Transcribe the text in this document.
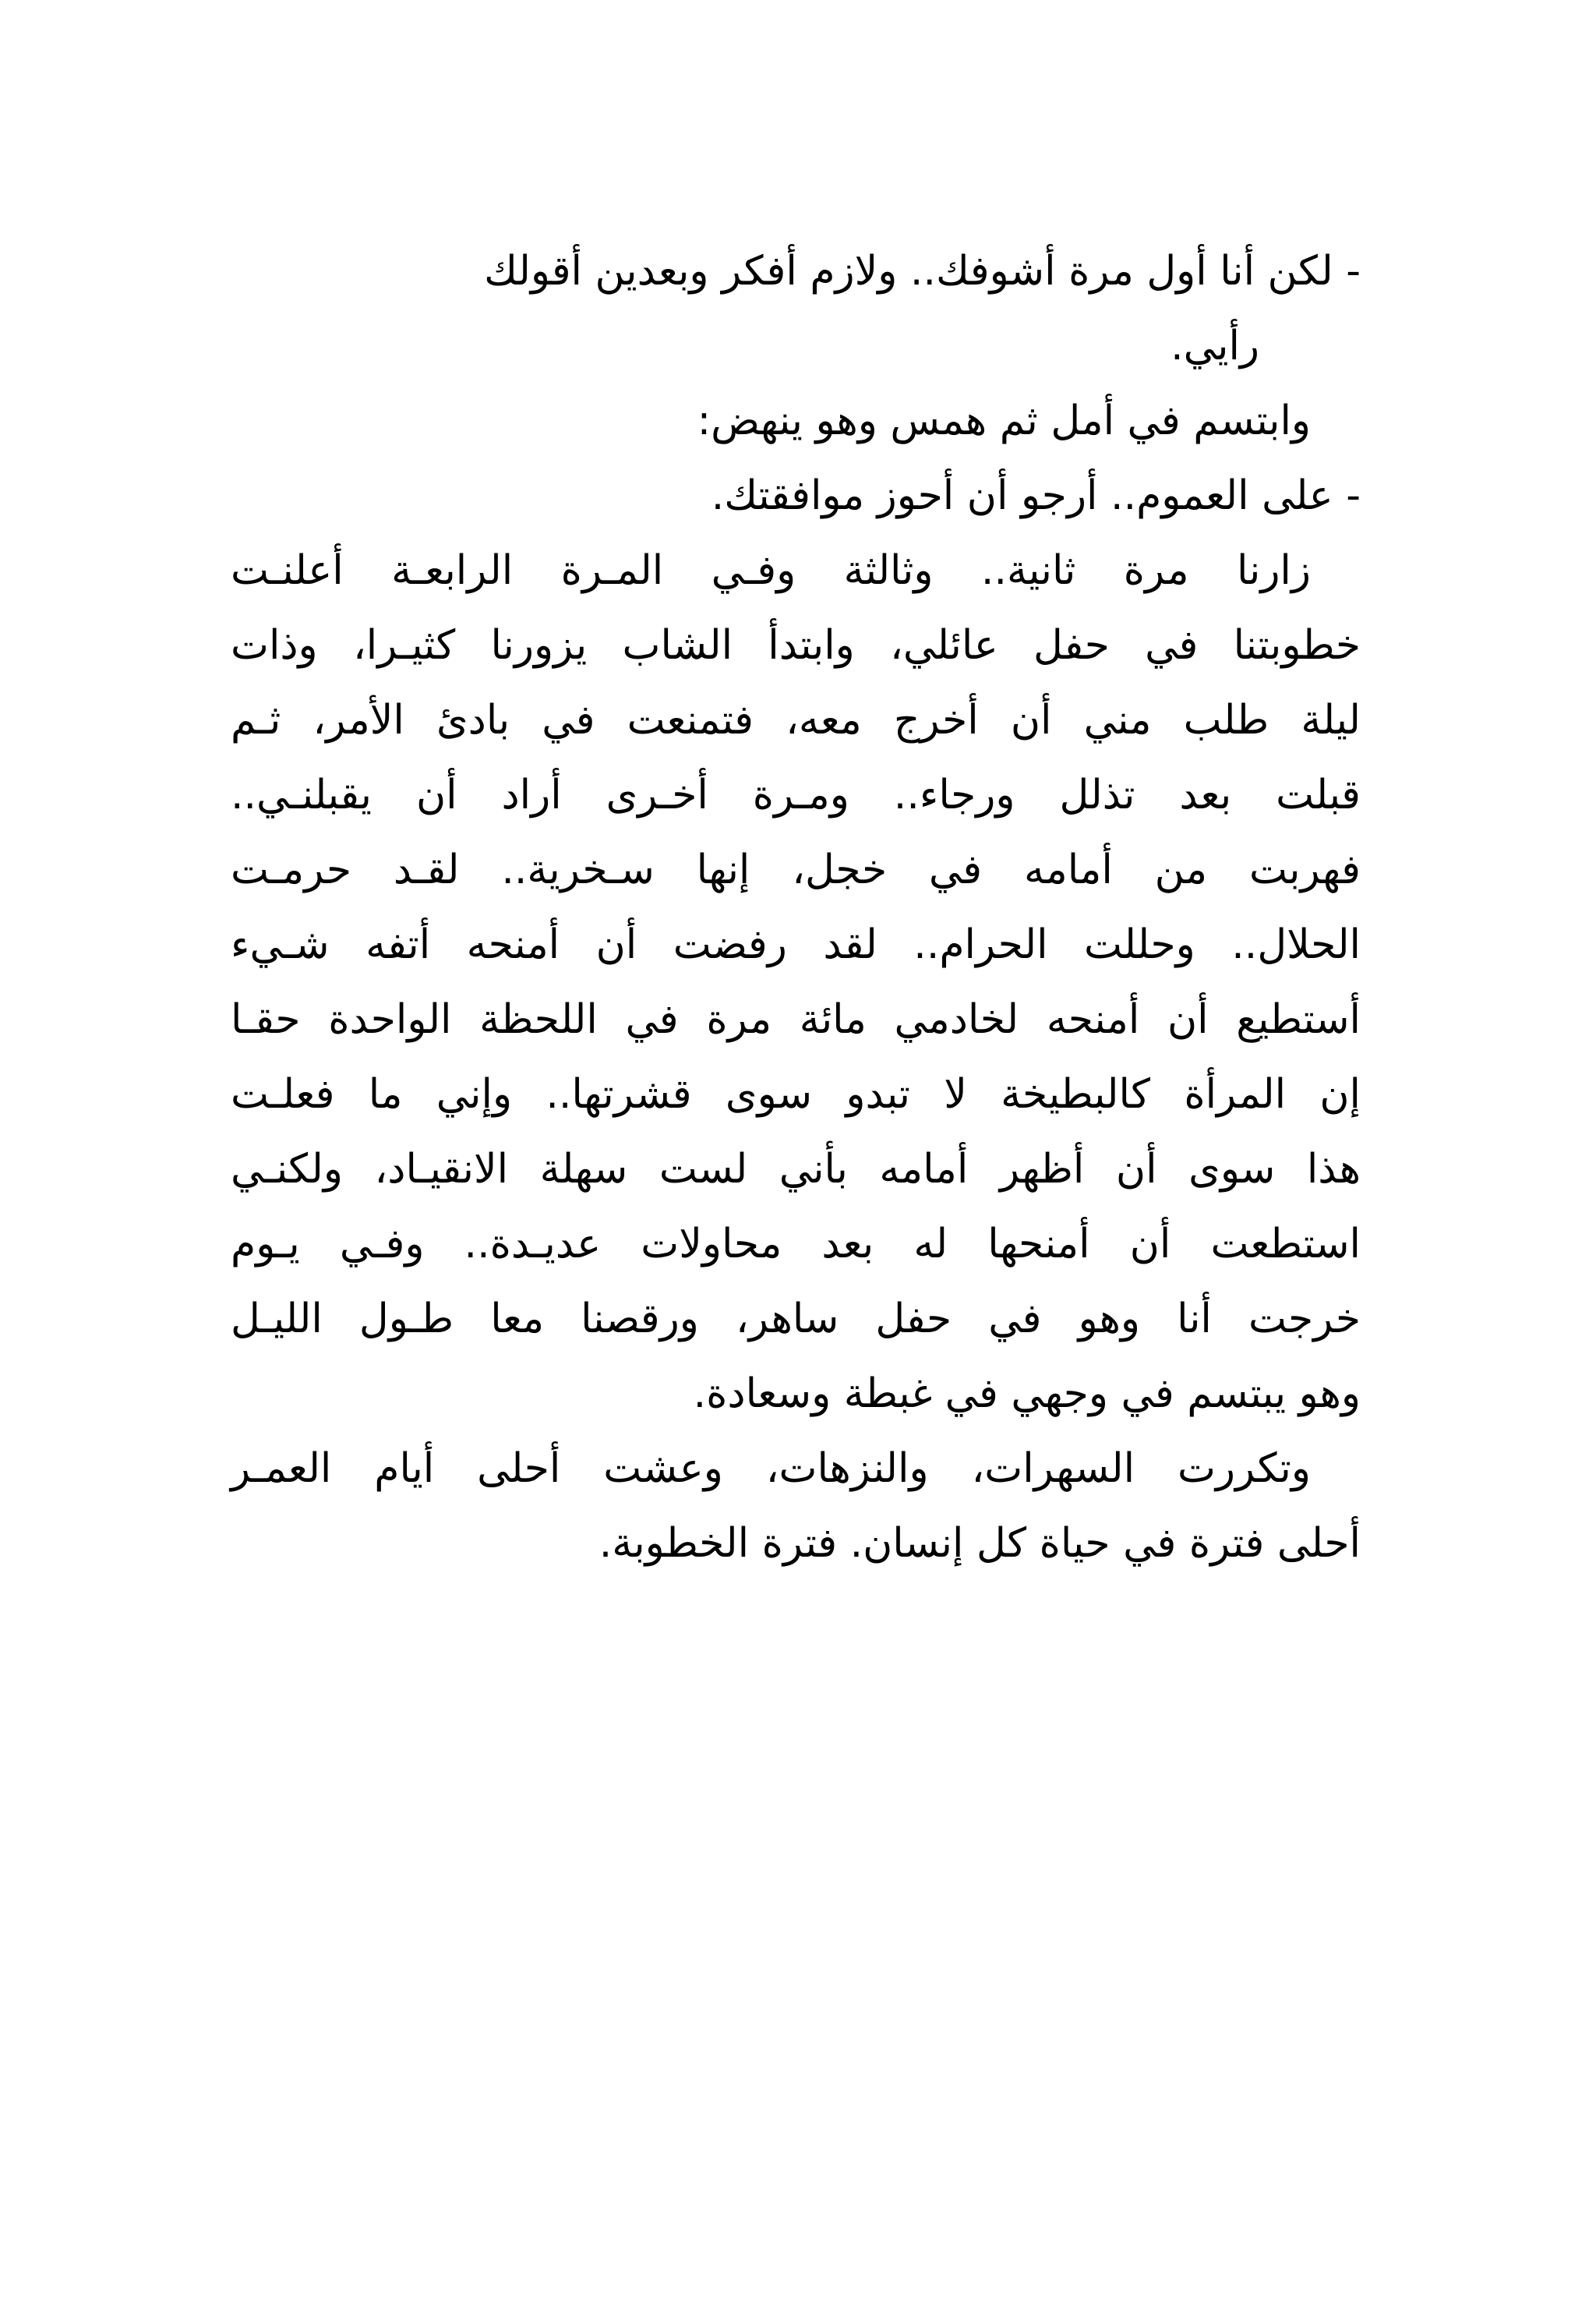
- لكن أنا أول مرة أشوفك.. ولازم أفكر وبعدين أقولك
رأيي.
وابتسم في أمل ثم همس وهو ينهض:
- على العموم.. أرجو أن أحوز موافقتك.
زارنا مرة ثانية.. وثالثة وفـي المـرة الرابعـة أعلنـت
خطوبتنا في حفل عائلي، وابتدأ الشاب يزورنا كثيـرا، وذات
ليلة طلب مني أن أخرج معه، فتمنعت في بادئ الأمر، ثـم
قبلت بعد تذلل ورجاء.. ومـرة أخـرى أراد أن يقبلنـي..
فهربت من أمامه في خجل، إنها سـخرية.. لقـد حرمـت
الحلال.. وحللت الحرام.. لقد رفضت أن أمنحه أتفه شـيء
أستطيع أن أمنحه لخادمي مائة مرة في اللحظة الواحدة حقـا
إن المرأة كالبطيخة لا تبدو سوى قشرتها.. وإني ما فعلـت
هذا سوى أن أظهر أمامه بأني لست سهلة الانقيـاد، ولكنـي
استطعت أن أمنحها له بعد محاولات عديـدة.. وفـي يـوم
خرجت أنا وهو في حفل ساهر، ورقصنا معا طـول الليـل
وهو يبتسم في وجهي في غبطة وسعادة.
وتكررت السهرات، والنزهات، وعشت أحلى أيام العمـر
أحلى فترة في حياة كل إنسان. فترة الخطوبة.
